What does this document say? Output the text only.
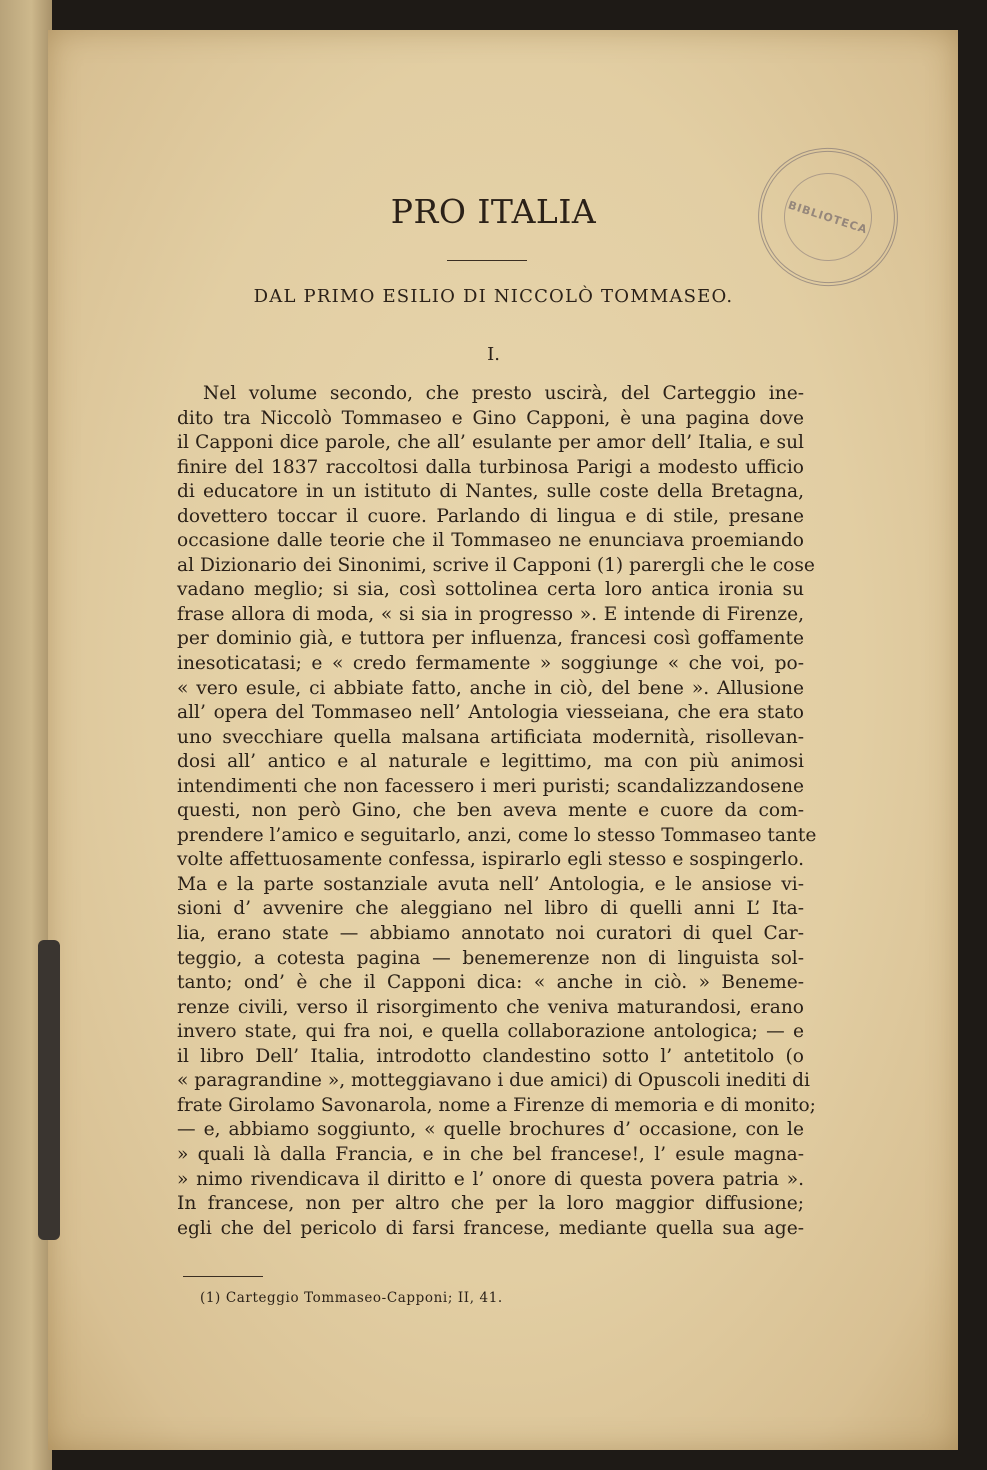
BIBLIOTECA
PRO ITALIA
DAL PRIMO ESILIO DI NICCOLÒ TOMMASEO.
I.
Nel volume secondo, che presto uscirà, del Carteggio ine-
dito tra Niccolò Tommaseo e Gino Capponi, è una pagina dove
il Capponi dice parole, che all’ esulante per amor dell’ Italia, e sul
finire del 1837 raccoltosi dalla turbinosa Parigi a modesto ufficio
di educatore in un istituto di Nantes, sulle coste della Bretagna,
dovettero toccar il cuore. Parlando di lingua e di stile, presane
occasione dalle teorie che il Tommaseo ne enunciava proemiando
al Dizionario dei Sinonimi, scrive il Capponi (1) parergli che le cose
vadano meglio; si sia, così sottolinea certa loro antica ironia su
frase allora di moda, « si sia in progresso ». E intende di Firenze,
per dominio già, e tuttora per influenza, francesi così goffamente
inesoticatasi; e « credo fermamente » soggiunge « che voi, po-
« vero esule, ci abbiate fatto, anche in ciò, del bene ». Allusione
all’ opera del Tommaseo nell’ Antologia viesseiana, che era stato
uno svecchiare quella malsana artificiata modernità, risollevan-
dosi all’ antico e al naturale e legittimo, ma con più animosi
intendimenti che non facessero i meri puristi; scandalizzandosene
questi, non però Gino, che ben aveva mente e cuore da com-
prendere l’amico e seguitarlo, anzi, come lo stesso Tommaseo tante
volte affettuosamente confessa, ispirarlo egli stesso e sospingerlo.
Ma e la parte sostanziale avuta nell’ Antologia, e le ansiose vi-
sioni d’ avvenire che aleggiano nel libro di quelli anni L’ Ita-
lia, erano state — abbiamo annotato noi curatori di quel Car-
teggio, a cotesta pagina — benemerenze non di linguista sol-
tanto; ond’ è che il Capponi dica: « anche in ciò. » Beneme-
renze civili, verso il risorgimento che veniva maturandosi, erano
invero state, qui fra noi, e quella collaborazione antologica; — e
il libro Dell’ Italia, introdotto clandestino sotto l’ antetitolo (o
« paragrandine », motteggiavano i due amici) di Opuscoli inediti di
frate Girolamo Savonarola, nome a Firenze di memoria e di monito;
— e, abbiamo soggiunto, « quelle brochures d’ occasione, con le
» quali là dalla Francia, e in che bel francese!, l’ esule magna-
» nimo rivendicava il diritto e l’ onore di questa povera patria ».
In francese, non per altro che per la loro maggior diffusione;
egli che del pericolo di farsi francese, mediante quella sua age-
(1) Carteggio Tommaseo-Capponi; II, 41.
